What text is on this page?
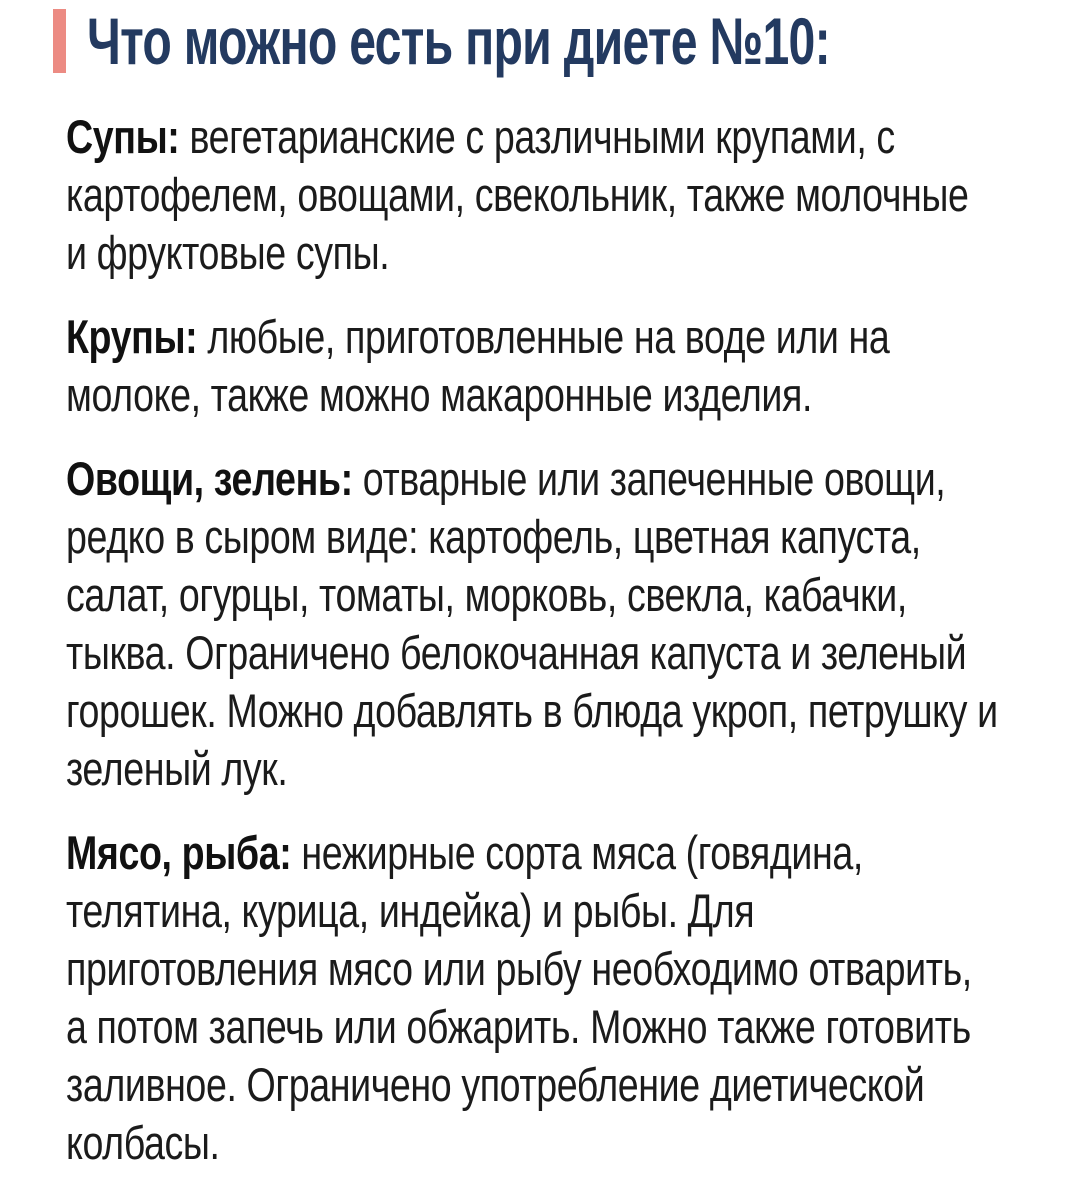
Что можно есть при диете №10:

Супы: вегетарианские с различными крупами, с картофелем, овощами, свекольник, также молочные и фруктовые супы.

Крупы: любые, приготовленные на воде или на молоке, также можно макаронные изделия.

Овощи, зелень: отварные или запеченные овощи, редко в сыром виде: картофель, цветная капуста, салат, огурцы, томаты, морковь, свекла, кабачки, тыква. Ограничено белокочанная капуста и зеленый горошек. Можно добавлять в блюда укроп, петрушку и зеленый лук.

Мясо, рыба: нежирные сорта мяса (говядина, телятина, курица, индейка) и рыбы. Для приготовления мясо или рыбу необходимо отварить, а потом запечь или обжарить. Можно также готовить заливное. Ограничено употребление диетической колбасы.
